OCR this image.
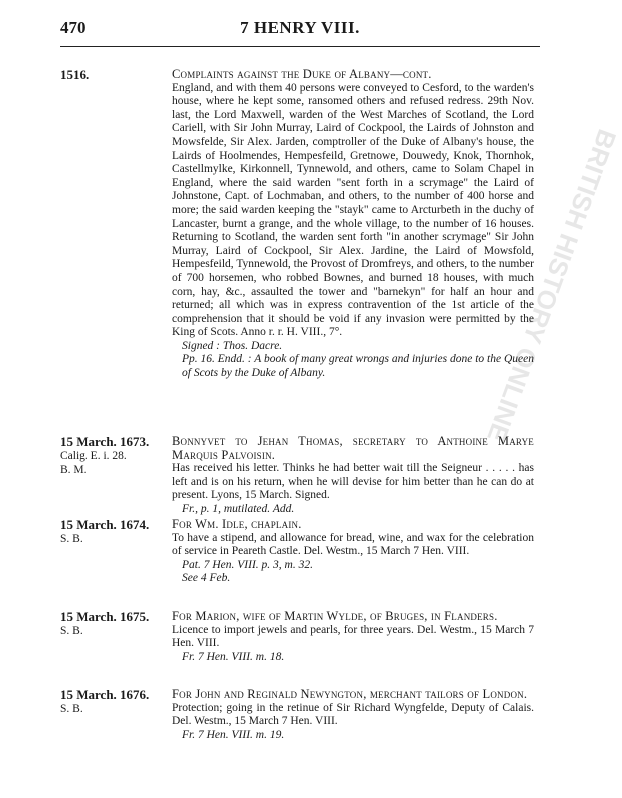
BRITISH HISTORY ONLINE
470	7 HENRY VIII.
1516.	Complaints against the Duke of Albany—cont.
England, and with them 40 persons were conveyed to Cesford, to the warden's house, where he kept some, ransomed others and refused redress. 29th Nov. last, the Lord Maxwell, warden of the West Marches of Scotland, the Lord Cariell, with Sir John Murray, Laird of Cockpool, the Lairds of Johnston and Mowsfelde, Sir Alex. Jarden, comptroller of the Duke of Albany's house, the Lairds of Hoolmendes, Hempesfeild, Gretnowe, Douwedy, Knok, Thornhok, Castellmylke, Kirkonnell, Tynnewold, and others, came to Solam Chapel in England, where the said warden "sent forth in a scrymage" the Laird of Johnstone, Capt. of Lochmaban, and others, to the number of 400 horse and more; the said warden keeping the "stayk" came to Arcturbeth in the duchy of Lancaster, burnt a grange, and the whole village, to the number of 16 houses. Returning to Scotland, the warden sent forth "in another scrymage" Sir John Murray, Laird of Cockpool, Sir Alex. Jardine, the Laird of Mowsfold, Hempesfeild, Tynnewold, the Provost of Dromfreys, and others, to the number of 700 horsemen, who robbed Bownes, and burned 18 houses, with much corn, hay, &c., assaulted the tower and "barnekyn" for half an hour and returned; all which was in express contravention of the 1st article of the comprehension that it should be void if any invasion were permitted by the King of Scots. Anno r. r. H. VIII., 7°.
Signed : Thos. Dacre.
Pp. 16. Endd. : A book of many great wrongs and injuries done to the Queen of Scots by the Duke of Albany.
15 March. 1673.
Calig. E. i. 28.
B. M.
Bonnyvet to Jehan Thomas, secretary to Anthoine Marye Marquis Palvoisin.
Has received his letter. Thinks he had better wait till the Seigneur . . . . . has left and is on his return, when he will devise for him better than he can do at present. Lyons, 15 March. Signed.
Fr., p. 1, mutilated. Add.
15 March. 1674.
S. B.
For Wm. Idle, chaplain.
To have a stipend, and allowance for bread, wine, and wax for the celebration of service in Peareth Castle. Del. Westm., 15 March 7 Hen. VIII.
Pat. 7 Hen. VIII. p. 3, m. 32.
See 4 Feb.
15 March. 1675.
S. B.
For Marion, wife of Martin Wylde, of Bruges, in Flanders.
Licence to import jewels and pearls, for three years. Del. Westm., 15 March 7 Hen. VIII.
Fr. 7 Hen. VIII. m. 18.
15 March. 1676.
S. B.
For John and Reginald Newyngton, merchant tailors of London.
Protection; going in the retinue of Sir Richard Wyngfelde, Deputy of Calais. Del. Westm., 15 March 7 Hen. VIII.
Fr. 7 Hen. VIII. m. 19.
